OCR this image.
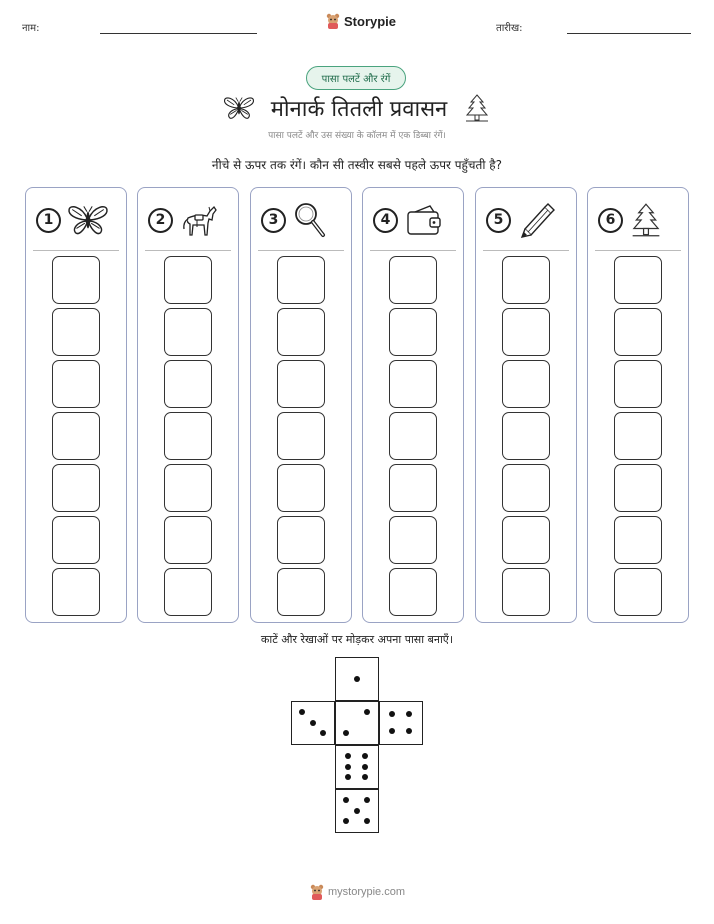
नाम:	Storypie	तारीख:
पासा पलटें और रंगें
मोनार्क तितली प्रवासन
पासा पलटें और उस संख्या के कॉलम में एक डिब्बा रंगें।
नीचे से ऊपर तक रंगें। कौन सी तस्वीर सबसे पहले ऊपर पहुँचती है?
1	2	3	4	5	6
काटें और रेखाओं पर मोड़कर अपना पासा बनाएँ।
mystorypie.com
